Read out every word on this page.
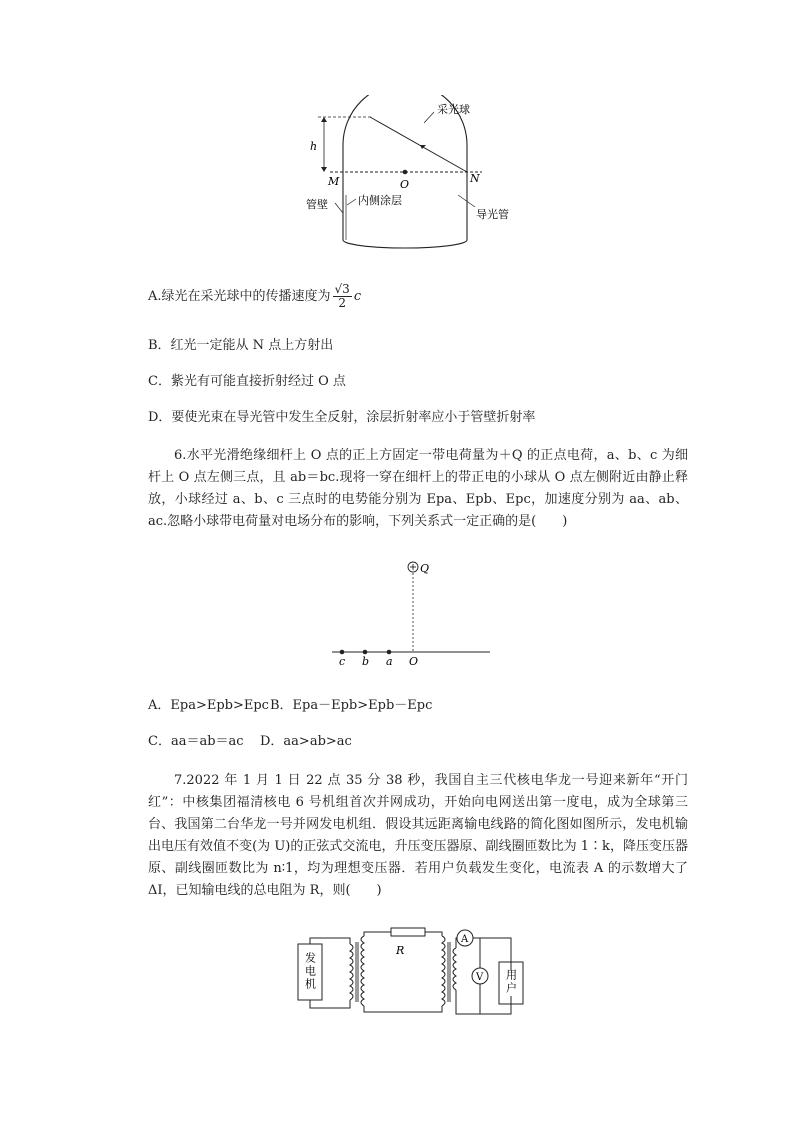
采光球
h
M	O	N
管壁	内侧涂层
导光管
A.绿光在采光球中的传播速度为 $\frac{√3}{2}$ c
B．红光一定能从 N 点上方射出
C．紫光有可能直接折射经过 O 点
D．要使光束在导光管中发生全反射，涂层折射率应小于管壁折射率
6.水平光滑绝缘细杆上 O 点的正上方固定一带电荷量为＋Q 的正点电荷，a、b、c 为细杆上 O 点左侧三点，且 ab＝bc.现将一穿在细杆上的带正电的小球从 O 点左侧附近由静止释放，小球经过 a、b、c 三点时的电势能分别为 Epa、Epb、Epc，加速度分别为 aa、ab、ac.忽略小球带电荷量对电场分布的影响，下列关系式一定正确的是(　　)
Q
c b a O
A．Epa>Epb>Epc B．Epa－Epb>Epb－Epc
C．aa＝ab＝ac D．aa>ab>ac
7.2022 年 1 月 1 日 22 点 35 分 38 秒，我国自主三代核电华龙一号迎来新年“开门红”：中核集团福清核电 6 号机组首次并网成功，开始向电网送出第一度电，成为全球第三台、我国第二台华龙一号并网发电机组．假设其远距离输电线路的简化图如图所示，发电机输出电压有效值不变(为 U)的正弦式交流电，升压变压器原、副线圈匝数比为 1∶k，降压变压器原、副线圈匝数比为 n∶1，均为理想变压器．若用户负载发生变化，电流表 A 的示数增大了 ΔI，已知输电线的总电阻为 R，则(　　)
发电机
R
A
V 用户
